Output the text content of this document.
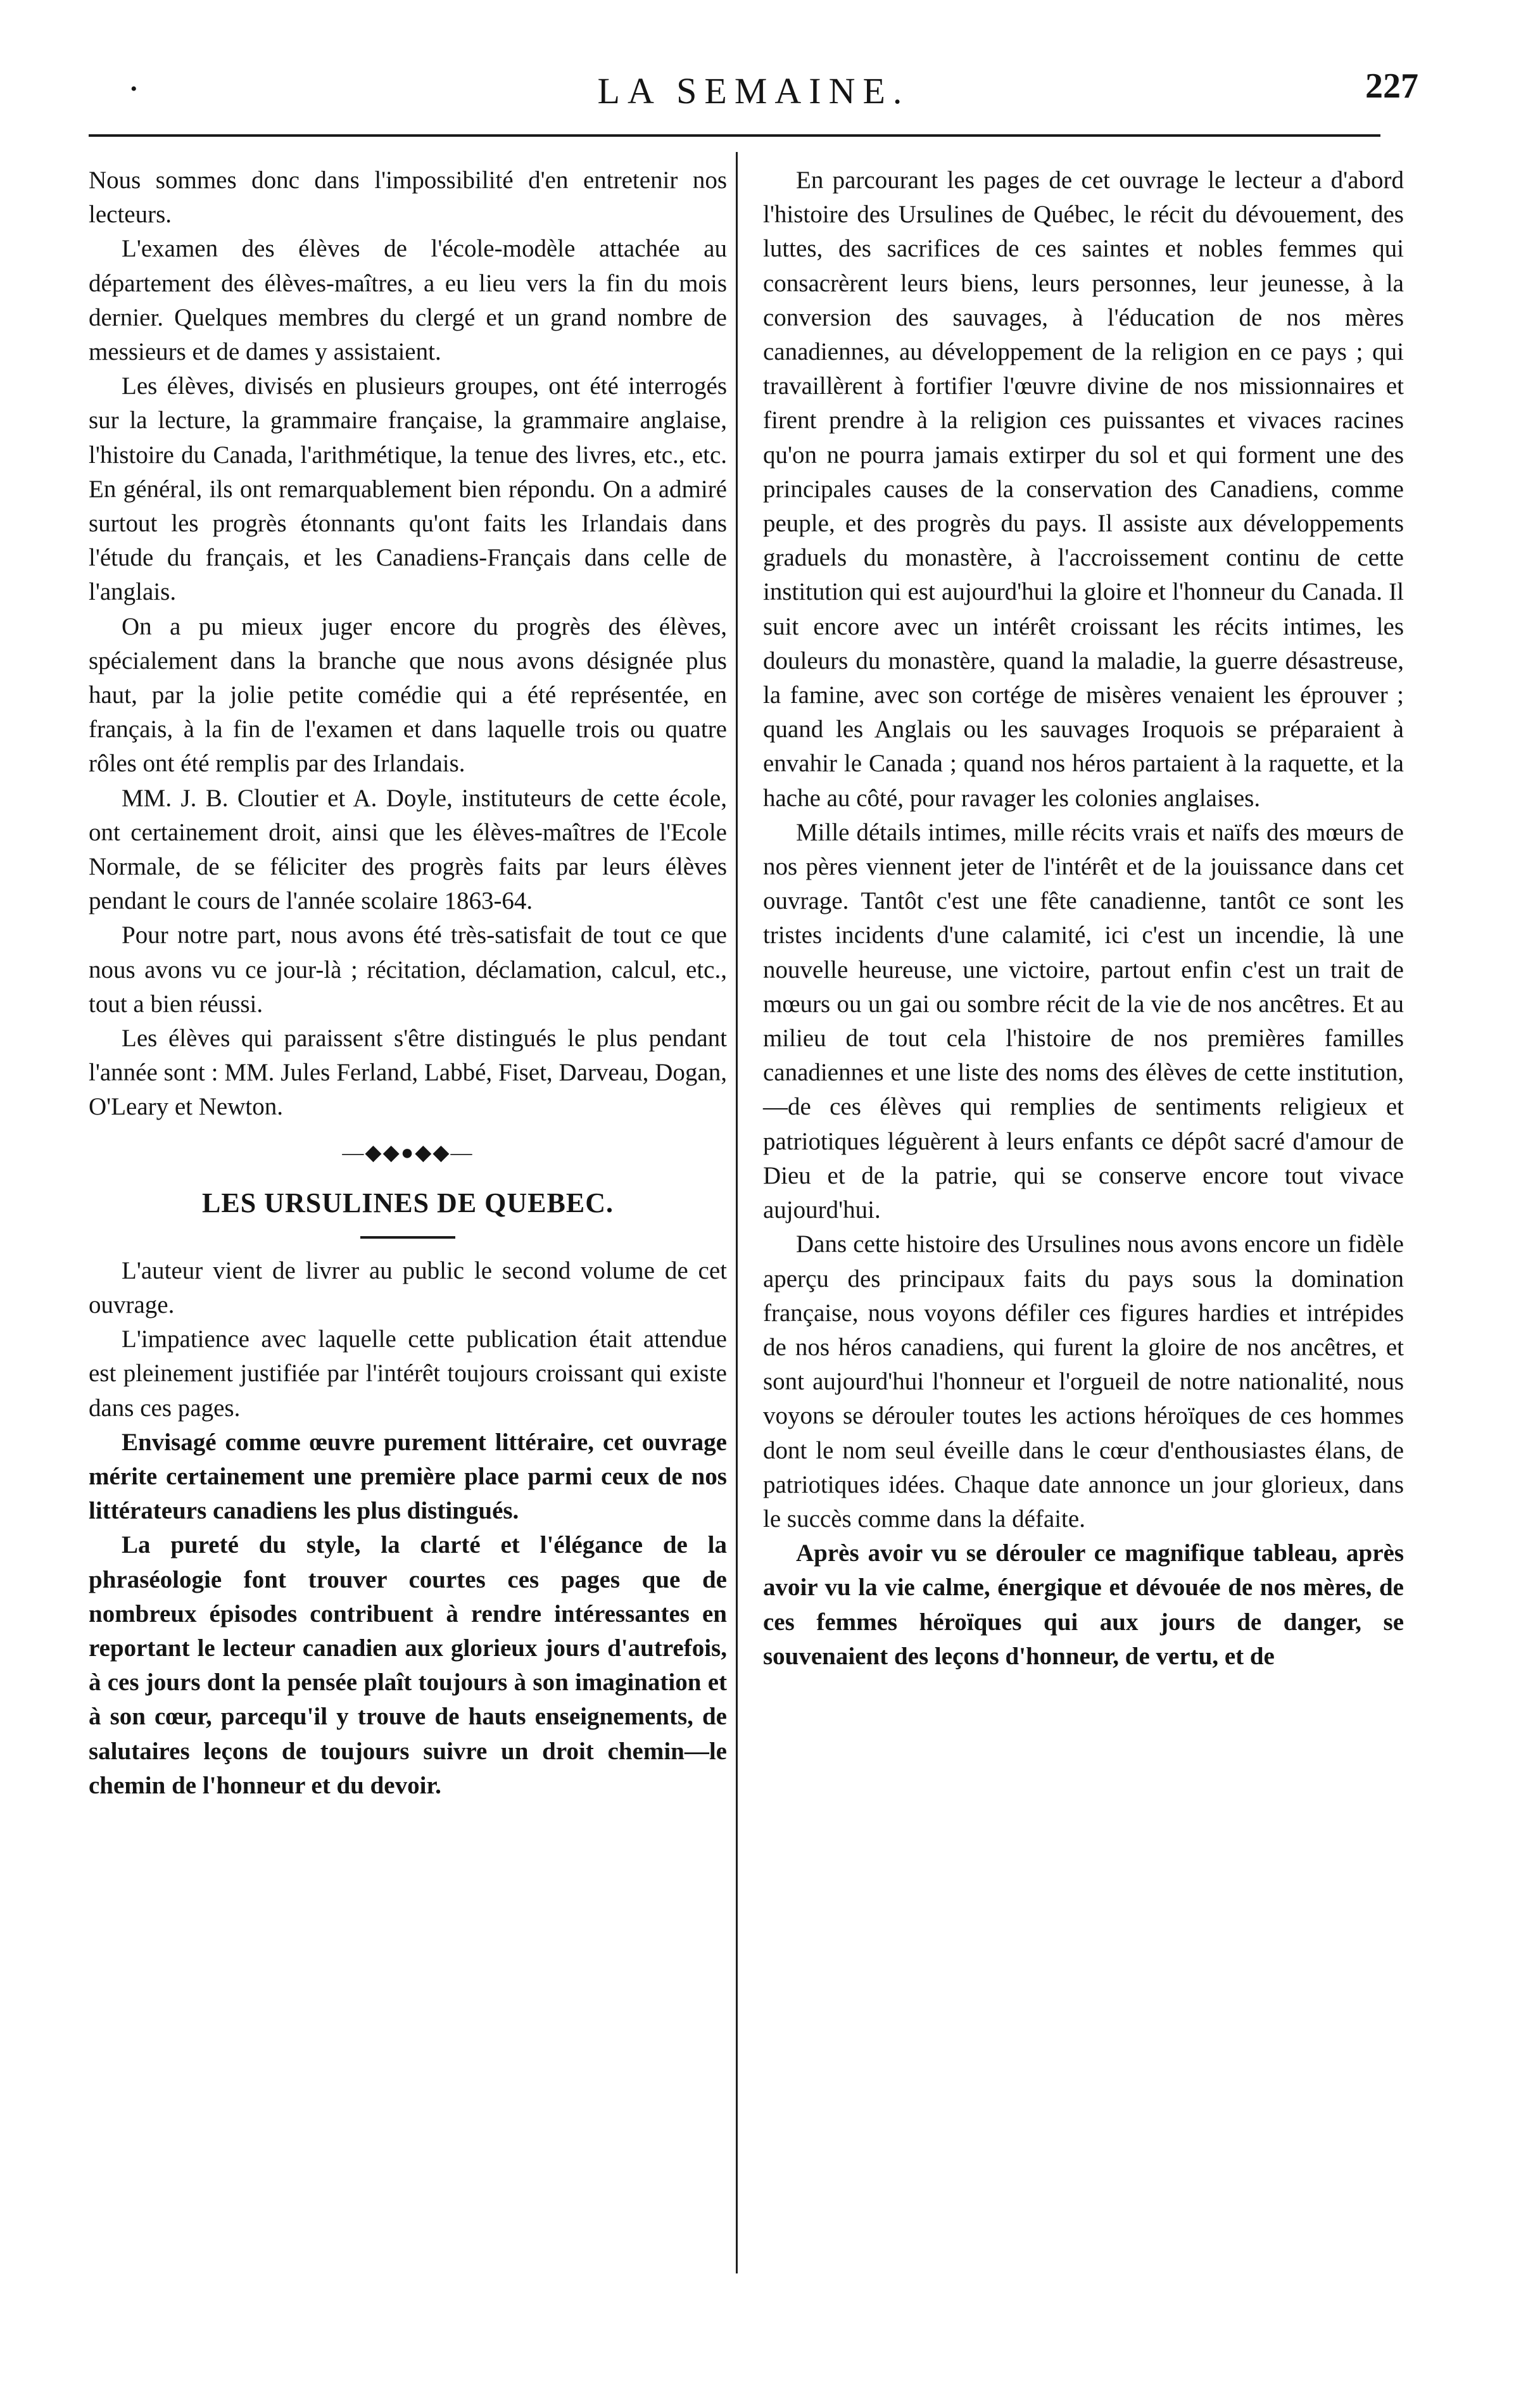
•	LA SEMAINE.	227

Nous sommes donc dans l'impossibilité d'en entretenir nos lecteurs.

L'examen des élèves de l'école-modèle attachée au département des élèves-maîtres, a eu lieu vers la fin du mois dernier. Quelques membres du clergé et un grand nombre de messieurs et de dames y assistaient.

Les élèves, divisés en plusieurs groupes, ont été interrogés sur la lecture, la grammaire française, la grammaire anglaise, l'histoire du Canada, l'arithmétique, la tenue des livres, etc., etc. En général, ils ont remarquablement bien répondu. On a admiré surtout les progrès étonnants qu'ont faits les Irlandais dans l'étude du français, et les Canadiens-Français dans celle de l'anglais.

On a pu mieux juger encore du progrès des élèves, spécialement dans la branche que nous avons désignée plus haut, par la jolie petite comédie qui a été représentée, en français, à la fin de l'examen et dans laquelle trois ou quatre rôles ont été remplis par des Irlandais.

MM. J. B. Cloutier et A. Doyle, instituteurs de cette école, ont certainement droit, ainsi que les élèves-maîtres de l'Ecole Normale, de se féliciter des progrès faits par leurs élèves pendant le cours de l'année scolaire 1863-64.

Pour notre part, nous avons été très-satisfait de tout ce que nous avons vu ce jour-là ; récitation, déclamation, calcul, etc., tout a bien réussi.

Les élèves qui paraissent s'être distingués le plus pendant l'année sont : MM. Jules Ferland, Labbé, Fiset, Darveau, Dogan, O'Leary et Newton.

—◆◆●◆◆—
LES URSULINES DE QUEBEC.

L'auteur vient de livrer au public le second volume de cet ouvrage.

L'impatience avec laquelle cette publication était attendue est pleinement justifiée par l'intérêt toujours croissant qui existe dans ces pages.

Envisagé comme œuvre purement littéraire, cet ouvrage mérite certainement une première place parmi ceux de nos littérateurs canadiens les plus distingués.

La pureté du style, la clarté et l'élégance de la phraséologie font trouver courtes ces pages que de nombreux épisodes contribuent à rendre intéressantes en reportant le lecteur canadien aux glorieux jours d'autrefois, à ces jours dont la pensée plaît toujours à son imagination et à son cœur, parcequ'il y trouve de hauts enseignements, de salutaires leçons de toujours suivre un droit chemin—le chemin de l'honneur et du devoir.

En parcourant les pages de cet ouvrage le lecteur a d'abord l'histoire des Ursulines de Québec, le récit du dévouement, des luttes, des sacrifices de ces saintes et nobles femmes qui consacrèrent leurs biens, leurs personnes, leur jeunesse, à la conversion des sauvages, à l'éducation de nos mères canadiennes, au développement de la religion en ce pays ; qui travaillèrent à fortifier l'œuvre divine de nos missionnaires et firent prendre à la religion ces puissantes et vivaces racines qu'on ne pourra jamais extirper du sol et qui forment une des principales causes de la conservation des Canadiens, comme peuple, et des progrès du pays. Il assiste aux développements graduels du monastère, à l'accroissement continu de cette institution qui est aujourd'hui la gloire et l'honneur du Canada. Il suit encore avec un intérêt croissant les récits intimes, les douleurs du monastère, quand la maladie, la guerre désastreuse, la famine, avec son cortége de misères venaient les éprouver ; quand les Anglais ou les sauvages Iroquois se préparaient à envahir le Canada ; quand nos héros partaient à la raquette, et la hache au côté, pour ravager les colonies anglaises.

Mille détails intimes, mille récits vrais et naïfs des mœurs de nos pères viennent jeter de l'intérêt et de la jouissance dans cet ouvrage. Tantôt c'est une fête canadienne, tantôt ce sont les tristes incidents d'une calamité, ici c'est un incendie, là une nouvelle heureuse, une victoire, partout enfin c'est un trait de mœurs ou un gai ou sombre récit de la vie de nos ancêtres. Et au milieu de tout cela l'histoire de nos premières familles canadiennes et une liste des noms des élèves de cette institution,—de ces élèves qui remplies de sentiments religieux et patriotiques léguèrent à leurs enfants ce dépôt sacré d'amour de Dieu et de la patrie, qui se conserve encore tout vivace aujourd'hui.

Dans cette histoire des Ursulines nous avons encore un fidèle aperçu des principaux faits du pays sous la domination française, nous voyons défiler ces figures hardies et intrépides de nos héros canadiens, qui furent la gloire de nos ancêtres, et sont aujourd'hui l'honneur et l'orgueil de notre nationalité, nous voyons se dérouler toutes les actions héroïques de ces hommes dont le nom seul éveille dans le cœur d'enthousiastes élans, de patriotiques idées. Chaque date annonce un jour glorieux, dans le succès comme dans la défaite.

Après avoir vu se dérouler ce magnifique tableau, après avoir vu la vie calme, énergique et dévouée de nos mères, de ces femmes héroïques qui aux jours de danger, se souvenaient des leçons d'honneur, de vertu, et de
